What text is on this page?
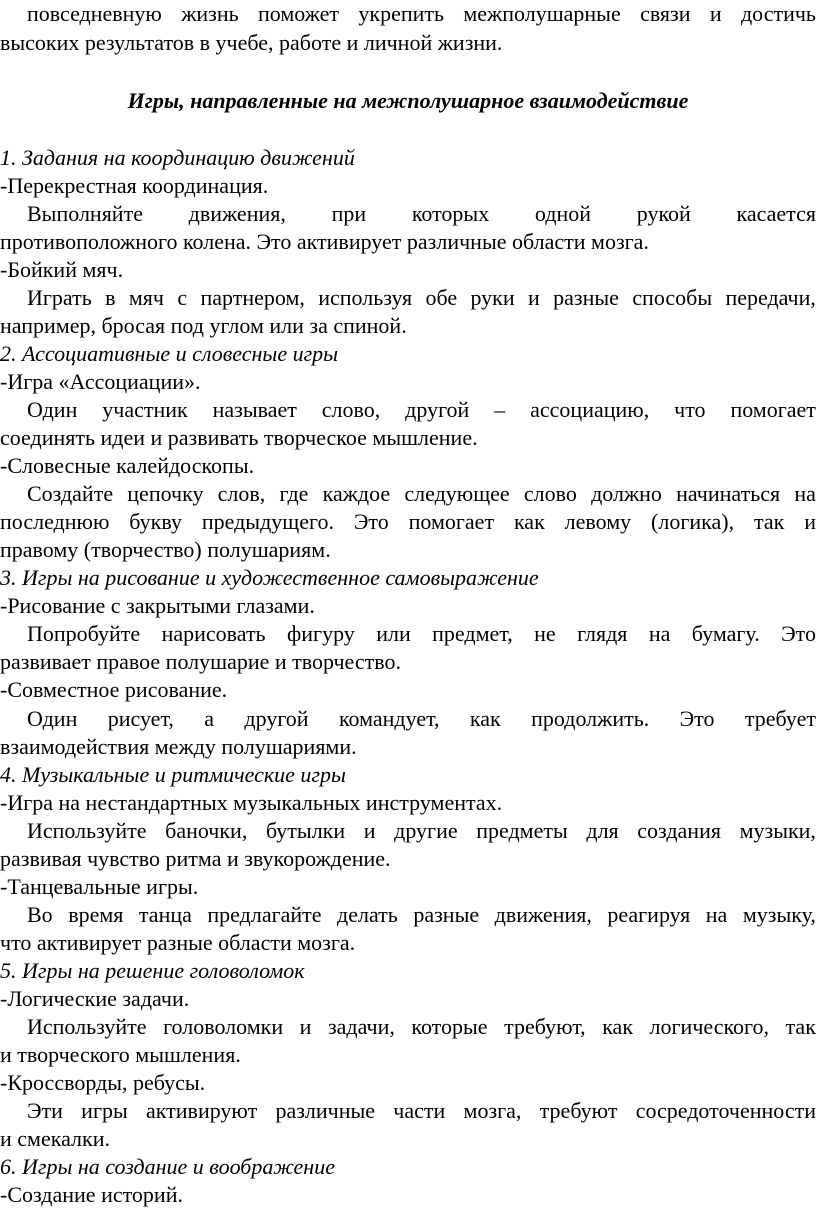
повседневную жизнь поможет укрепить межполушарные связи и достичь
высоких результатов в учебе, работе и личной жизни.
Игры, направленные на межполушарное взаимодействие
1. Задания на координацию движений
-Перекрестная координация.
Выполняйте движения, при которых одной рукой касается
противоположного колена. Это активирует различные области мозга.
-Бойкий мяч.
Играть в мяч с партнером, используя обе руки и разные способы передачи,
например, бросая под углом или за спиной.
2. Ассоциативные и словесные игры
-Игра «Ассоциации».
Один участник называет слово, другой – ассоциацию, что помогает
соединять идеи и развивать творческое мышление.
-Словесные калейдоскопы.
Создайте цепочку слов, где каждое следующее слово должно начинаться на
последнюю букву предыдущего. Это помогает как левому (логика), так и
правому (творчество) полушариям.
3. Игры на рисование и художественное самовыражение
-Рисование с закрытыми глазами.
Попробуйте нарисовать фигуру или предмет, не глядя на бумагу. Это
развивает правое полушарие и творчество.
-Совместное рисование.
Один рисует, а другой командует, как продолжить. Это требует
взаимодействия между полушариями.
4. Музыкальные и ритмические игры
-Игра на нестандартных музыкальных инструментах.
Используйте баночки, бутылки и другие предметы для создания музыки,
развивая чувство ритма и звукорождение.
-Танцевальные игры.
Во время танца предлагайте делать разные движения, реагируя на музыку,
что активирует разные области мозга.
5. Игры на решение головоломок
-Логические задачи.
Используйте головоломки и задачи, которые требуют, как логического, так
и творческого мышления.
-Кроссворды, ребусы.
Эти игры активируют различные части мозга, требуют сосредоточенности
и смекалки.
6. Игры на создание и воображение
-Создание историй.
